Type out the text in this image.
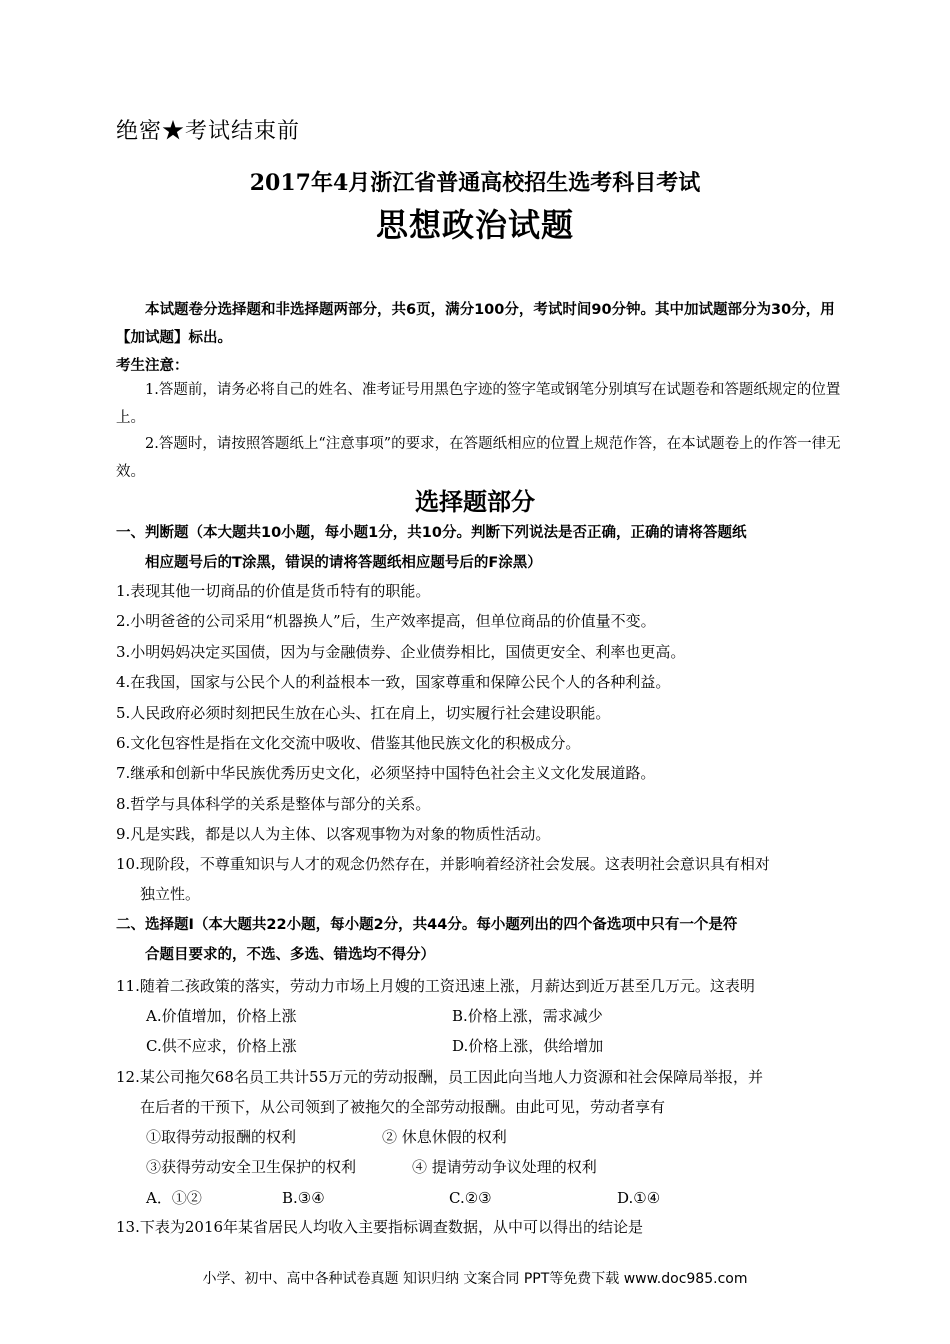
绝密★考试结束前
2017年4月浙江省普通高校招生选考科目考试
思想政治试题
本试题卷分选择题和非选择题两部分，共6页，满分100分，考试时间90分钟。其中加试题部分为30分，用【加试题】标出。
考生注意：
1.答题前，请务必将自己的姓名、准考证号用黑色字迹的签字笔或钢笔分别填写在试题卷和答题纸规定的位置上。
2.答题时，请按照答题纸上“注意事项”的要求，在答题纸相应的位置上规范作答，在本试题卷上的作答一律无效。
选择题部分
一、判断题（本大题共10小题，每小题1分，共10分。判断下列说法是否正确，正确的请将答题纸
相应题号后的T涂黑，错误的请将答题纸相应题号后的F涂黑）
1.表现其他一切商品的价值是货币特有的职能。
2.小明爸爸的公司采用“机器换人”后，生产效率提高，但单位商品的价值量不变。
3.小明妈妈决定买国债，因为与金融债券、企业债券相比，国债更安全、利率也更高。
4.在我国，国家与公民个人的利益根本一致，国家尊重和保障公民个人的各种利益。
5.人民政府必须时刻把民生放在心头、扛在肩上，切实履行社会建设职能。
6.文化包容性是指在文化交流中吸收、借鉴其他民族文化的积极成分。
7.继承和创新中华民族优秀历史文化，必须坚持中国特色社会主义文化发展道路。
8.哲学与具体科学的关系是整体与部分的关系。
9.凡是实践，都是以人为主体、以客观事物为对象的物质性活动。
10.现阶段，不尊重知识与人才的观念仍然存在，并影响着经济社会发展。这表明社会意识具有相对
独立性。
二、选择题Ⅰ（本大题共22小题，每小题2分，共44分。每小题列出的四个备选项中只有一个是符
合题目要求的，不选、多选、错选均不得分）
11.随着二孩政策的落实，劳动力市场上月嫂的工资迅速上涨，月薪达到近万甚至几万元。这表明
A.价值增加，价格上涨	B.价格上涨，需求减少
C.供不应求，价格上涨	D.价格上涨，供给增加
12.某公司拖欠68名员工共计55万元的劳动报酬，员工因此向当地人力资源和社会保障局举报，并
在后者的干预下，从公司领到了被拖欠的全部劳动报酬。由此可见，劳动者享有
①取得劳动报酬的权利	② 休息休假的权利
③获得劳动安全卫生保护的权利	④ 提请劳动争议处理的权利
A．①②	B.③④	C.②③	D.①④
13.下表为2016年某省居民人均收入主要指标调查数据，从中可以得出的结论是
小学、初中、高中各种试卷真题 知识归纳 文案合同 PPT等免费下载 www.doc985.com
